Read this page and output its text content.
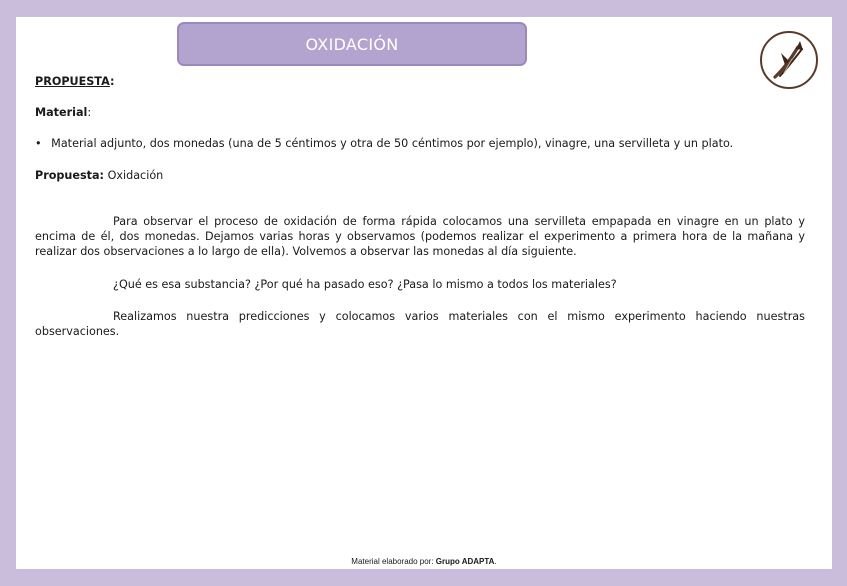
OXIDACIÓN
PROPUESTA:
Material:
• Material adjunto, dos monedas (una de 5 céntimos y otra de 50 céntimos por ejemplo), vinagre, una servilleta y un plato.
Propuesta: Oxidación
Para observar el proceso de oxidación de forma rápida colocamos una servilleta empapada en vinagre en un plato y encima de él, dos monedas. Dejamos varias horas y observamos (podemos realizar el experimento a primera hora de la mañana y realizar dos observaciones a lo largo de ella). Volvemos a observar las monedas al día siguiente.
¿Qué es esa substancia? ¿Por qué ha pasado eso? ¿Pasa lo mismo a todos los materiales?
Realizamos nuestra predicciones y colocamos varios materiales con el mismo experimento haciendo nuestras observaciones.
Material elaborado por: Grupo ADAPTA.
